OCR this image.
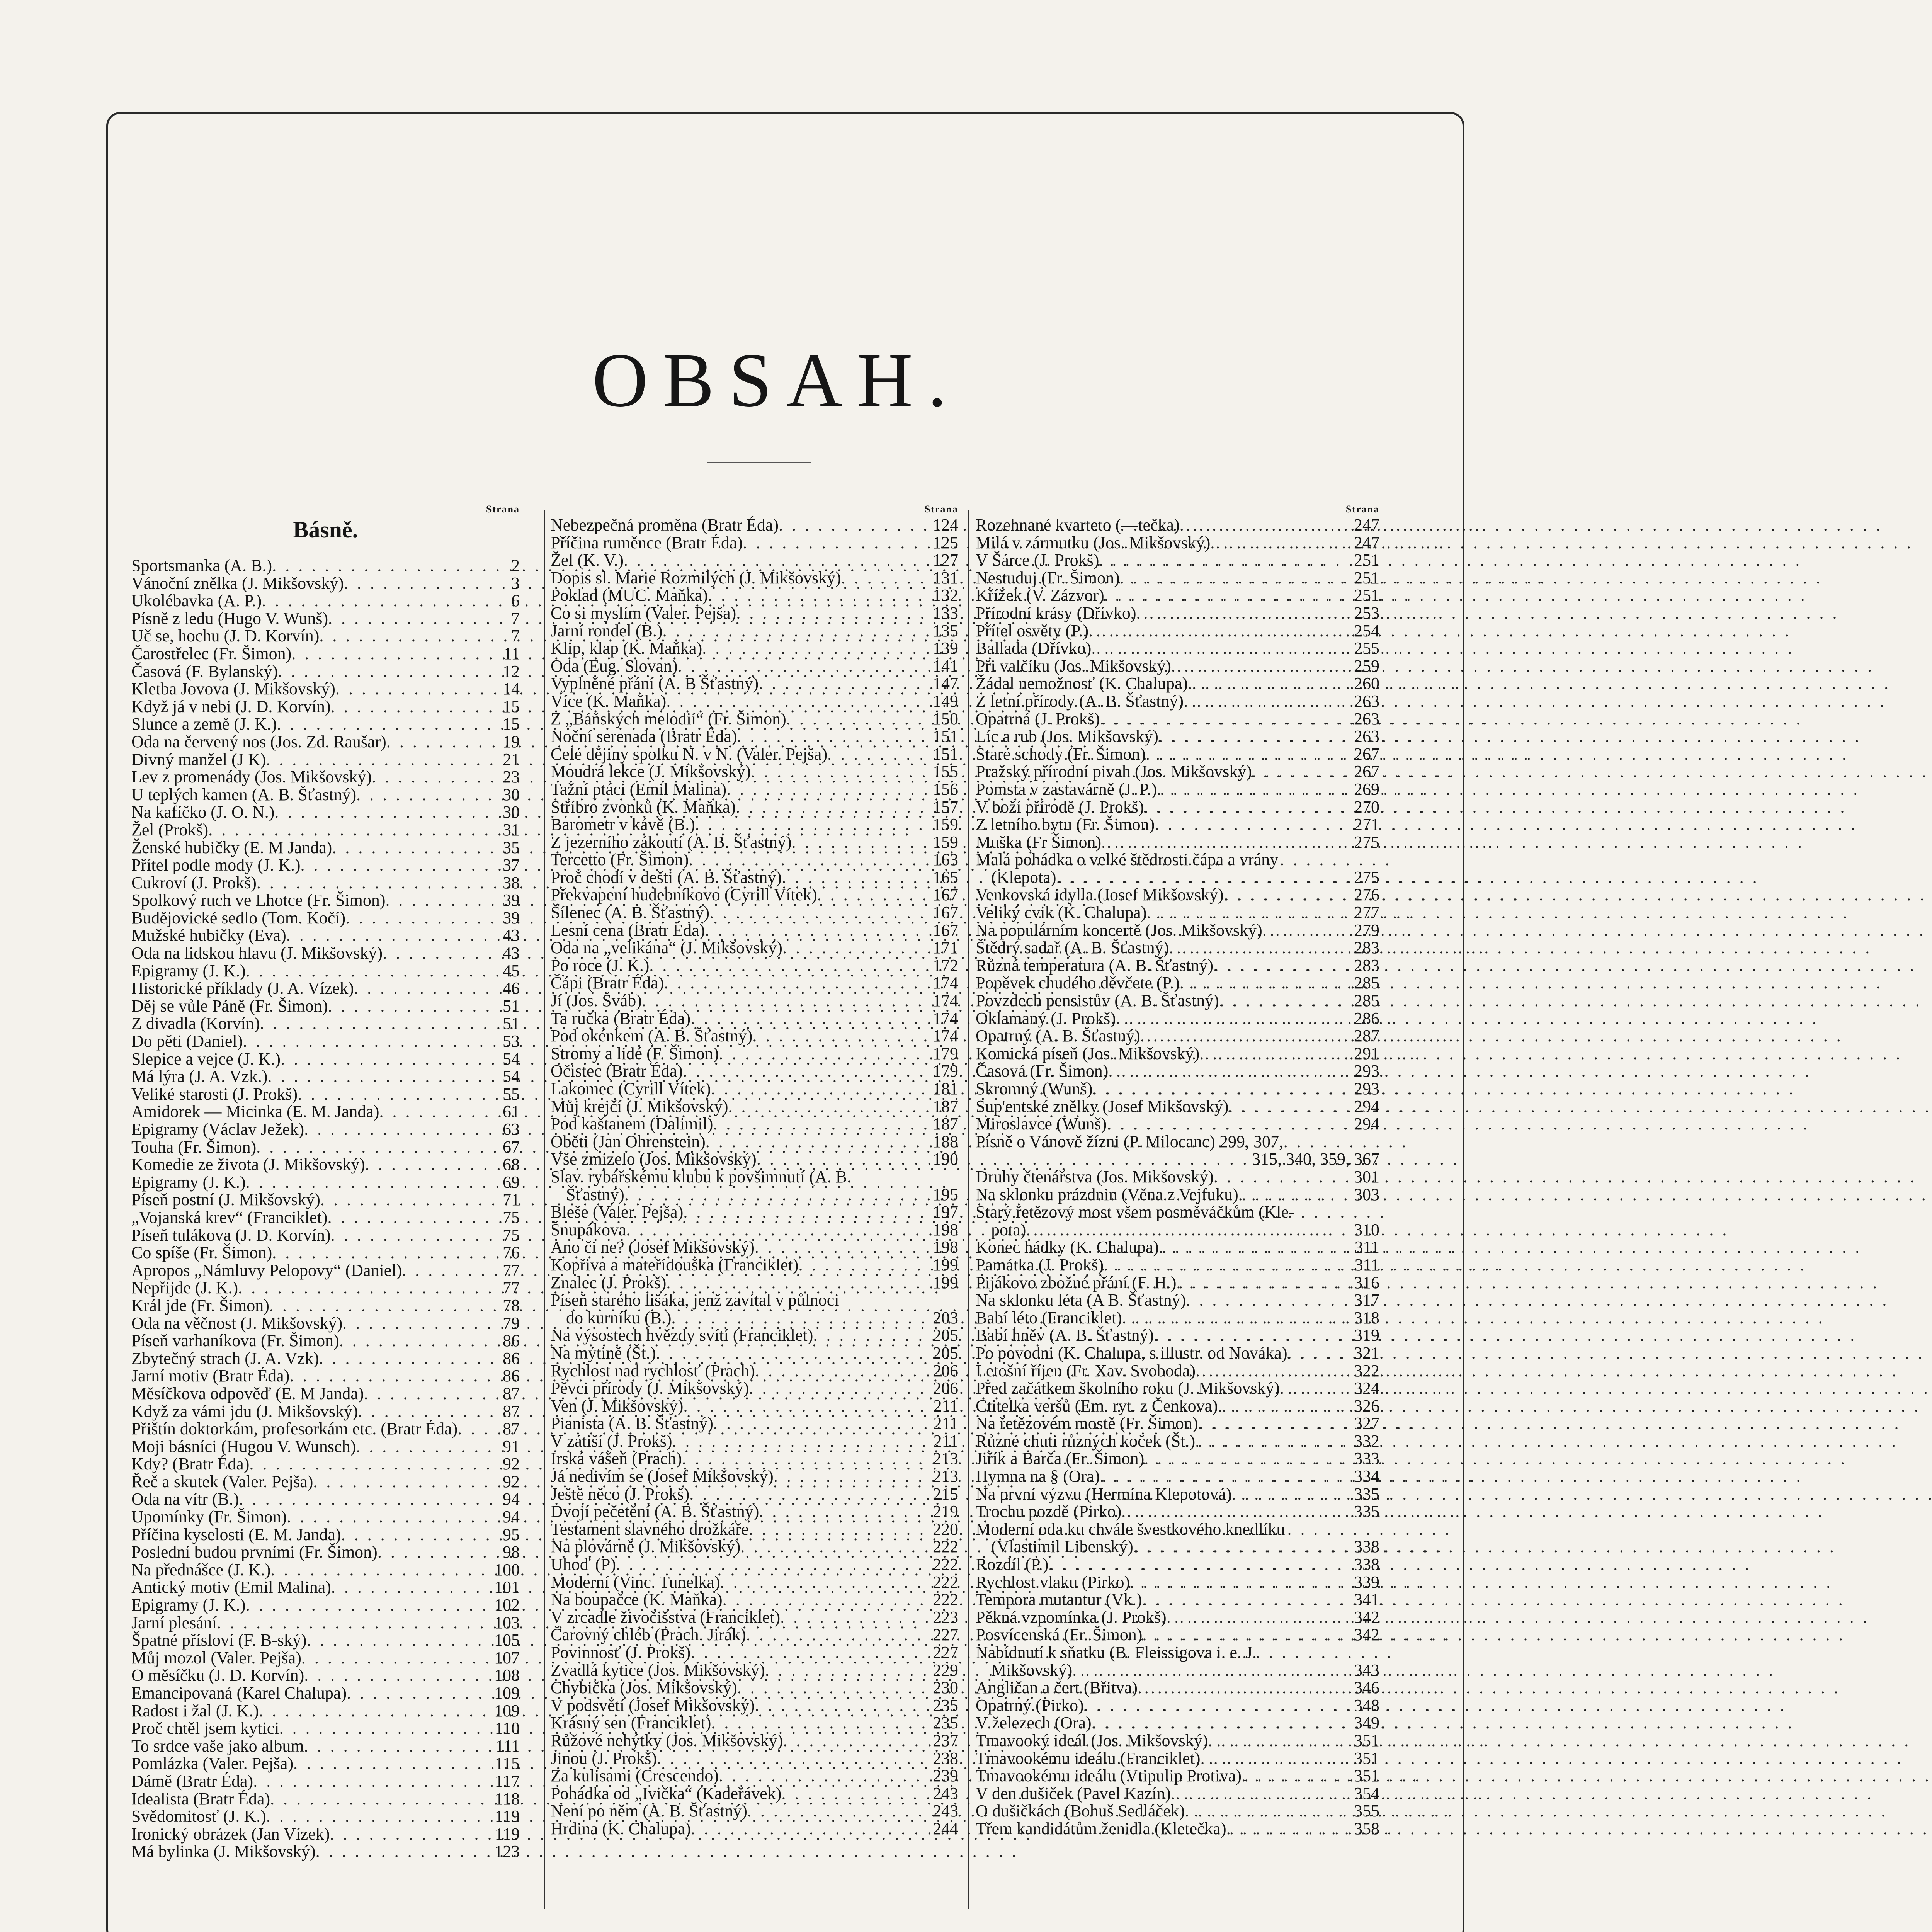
OBSAH.
Strana
Básně.
Sportsmanka (A. B.) . . .	2
Vánoční znělka (J. Mikšovský) . . .	3
Ukolébavka (A. P.) . . .	6
Písně z ledu (Hugo V. Wunš) . . .	7
Uč se, hochu (J. D. Korvín) . . .	7
Čarostřelec (Fr. Šimon) . . .	11
Časová (F. Bylanský) . . .	12
Kletba Jovova (J. Mikšovský) . . .	14
Když já v nebi (J. D. Korvín) . . .	15
Slunce a země (J. K.) . . .	15
Oda na červený nos (Jos. Zd. Raušar) . . .	19
Divný manžel (J K) . . .	21
Lev z promenády (Jos. Mikšovský) . . .	23
U teplých kamen (A. B. Šťastný) . . .	30
Na kafíčko (J. O. N.) . . .	30
Žel (Prokš) . . .	31
Ženské hubičky (E. M Janda) . . .	35
Přítel podle mody (J. K.) . . .	37
Cukroví (J. Prokš) . . .	38
Spolkový ruch ve Lhotce (Fr. Šimon) . . .	39
Budějovické sedlo (Tom. Kočí) . . .	39
Mužské hubičky (Eva) . . .	43
Oda na lidskou hlavu (J. Mikšovský) . . .	43
Epigramy (J. K.) . . .	45
Historické příklady (J. A. Vízek) . . .	46
Děj se vůle Páně (Fr. Šimon) . . .	51
Z divadla (Korvín) . . .	51
Do pěti (Daniel) . . .	53
Slepice a vejce (J. K.) . . .	54
Má lýra (J. A. Vzk.) . . .	54
Veliké starosti (J. Prokš) . . .	55
Amidorek — Micinka (E. M. Janda) . . .	61
Epigramy (Václav Ježek) . . .	63
Touha (Fr. Šimon) . . .	67
Komedie ze života (J. Mikšovský) . . .	68
Epigramy (J. K.) . . .	69
Píseň postní (J. Mikšovský) . . .	71
„Vojanská krev“ (Franciklet) . . .	75
Píseň tulákova (J. D. Korvín) . . .	75
Co spíše (Fr. Šimon) . . .	76
Apropos „Námluvy Pelopovy“ (Daniel) . . .	77
Nepřijde (J. K.) . . .	77
Král jde (Fr. Šimon) . . .	78
Oda na věčnost (J. Mikšovský) . . .	79
Píseň varhaníkova (Fr. Šimon) . . .	86
Zbytečný strach (J. A. Vzk) . . .	86
Jarní motiv (Bratr Éda) . . .	86
Měsíčkova odpověď (E. M Janda) . . .	87
Když za vámi jdu (J. Mikšovský) . . .	87
Přištín doktorkám, profesorkám etc. (Bratr Éda) . . .	87
Moji básníci (Hugou V. Wunsch) . . .	91
Kdy? (Bratr Éda) . . .	92
Řeč a skutek (Valer. Pejša) . . .	92
Oda na vítr (B.) . . .	94
Upomínky (Fr. Šimon) . . .	94
Příčina kyselosti (E. M. Janda) . . .	95
Poslední budou prvními (Fr. Šimon) . . .	98
Na přednášce (J. K.) . . .	100
Antický motiv (Emil Malina) . . .	101
Epigramy (J. K.) . . .	102
Jarní plesání . . .	103
Špatné přísloví (F. B-ský) . . .	105
Můj mozol (Valer. Pejša) . . .	107
O měsíčku (J. D. Korvín) . . .	108
Emancipovaná (Karel Chalupa) . . .	109
Radost i žal (J. K.) . . .	109
Proč chtěl jsem kytici . . .	110
To srdce vaše jako album . . .	111
Pomlázka (Valer. Pejša) . . .	115
Dámě (Bratr Éda) . . .	117
Idealista (Bratr Éda) . . .	118
Svědomitosť (J. K.) . . .	119
Ironický obrázek (Jan Vízek) . . .	119
Má bylinka (J. Mikšovský) . . .	123
Strana
Nebezpečná proměna (Bratr Éda) . . .	124
Příčina ruměnce (Bratr Éda) . . .	125
Žel (K. V.) . . .	127
Dopis sl. Marie Rozmilých (J. Mikšovský) . . .	131
Poklad (MUC. Maňka) . . .	132
Co si myslím (Valer. Pejša) . . .	133
Jarní rondel (B.) . . .	135
Klip, klap (K. Maňka) . . .	139
Oda (Eug. Slovan) . . .	141
Vyplněné přání (A. B Šťastný) . . .	147
Více (K. Maňka) . . .	149
Z „Báňských melodií“ (Fr. Šimon) . . .	150
Noční serenada (Bratr Éda) . . .	151
Celé dějiny spolku N. v N. (Valer. Pejša) . . .	151
Moudrá lekce (J. Mikšovský) . . .	155
Tažní ptáci (Emil Malina) . . .	156
Stříbro zvonků (K. Maňka) . . .	157
Barometr v kávě (B.) . . .	159
Z jezerního zákoutí (A. B. Šťastný) . . .	159
Tercetto (Fr. Šimon) . . .	163
Proč chodí v dešti (A. B. Šťastný) . . .	165
Překvapení hudebníkovo (Cyrill Vítek) . . .	167
Šílenec (A. B. Šťastný) . . .	167
Lesní cena (Bratr Éda) . . .	167
Oda na „velikána“ (J. Mikšovský) . . .	171
Po roce (J. K.) . . .	172
Čápi (Bratr Éda) . . .	174
Jí (Jos. Šváb) . . .	174
Ta ručka (Bratr Éda) . . .	174
Pod okénkem (A. B. Šťastný) . . .	174
Stromy a lidé (F. Šimon) . . .	179
Očistec (Bratr Éda) . . .	179
Lakomec (Cyrill Vítek) . . .	181
Můj krejčí (J. Mikšovský) . . .	187
Pod kaštanem (Dalimil) . . .	187
Oběti (Jan Ohrenstein) . . .	188
Vše zmizelo (Jos. Mikšovský) . . .	190
Slav. rybářskému klubu k povšimnutí (A. B.
Šťastný) . . .	195
Bleše (Valer. Pejša) . . .	197
Šnupákova . . .	198
Ano či ne? (Josef Mikšovský) . . .	198
Kopřiva a mateřídouška (Franciklet) . . .	199
Znalec (J. Prokš) . . .	199
Píseň starého lišáka, jenž zavítal v půlnoci
do kurníku (B.) . . .	203
Na výsostech hvězdy svítí (Franciklet) . . .	205
Na mýtině (Št.) . . .	205
Rychlost nad rychlosť (Prach) . . .	206
Pěvci přírody (J. Mikšovský) . . .	206
Ven (J. Mikšovský) . . .	211
Pianista (A. B. Šťastný) . . .	211
V zátiší (J. Prokš) . . .	211
Irská vášeň (Prach) . . .	213
Já nedivím se (Josef Mikšovský) . . .	213
Ještě něco (J. Prokš) . . .	215
Dvojí pečetění (A. B. Šťastný) . . .	219
Testament slavného drožkáře . . .	220
Na plovárně (J. Mikšovský) . . .	222
Uhoď (P) . . .	222
Moderní (Vinc. Tunelka) . . .	222
Na boupačce (K. Maňka) . . .	222
V zrcadle živočišstva (Franciklet) . . .	223
Čarovný chléb (Prach. Jirák) . . .	227
Povinnosť (J. Prokš) . . .	227
Zvadlá kytice (Jos. Mikšovský) . . .	229
Chybička (Jos. Mikšovský) . . .	230
V podsvětí (Josef Mikšovský) . . .	235
Krásný sen (Franciklet) . . .	235
Růžové nehýtky (Jos. Mikšovský) . . .	237
Jinou (J. Prokš) . . .	238
Za kulisami (Crescendo) . . .	239
Pohádka od „Ivička“ (Kadeřávek) . . .	243
Není po něm (A. B. Šťastný) . . .	243
Hrdina (K. Chalupa) . . .	244
Strana
Rozehnané kvarteto (—tečka) . . .	247
Milá v zármutku (Jos. Mikšovský) . . .	247
V Šárce (J. Prokš) . . .	251
Nestuduj (Fr. Šimon) . . .	251
Křížek (V. Zázvor) . . .	251
Přírodní krásy (Dřívko) . . .	253
Přítel osvěty (P.) . . .	254
Ballada (Dřívko) . . .	255
Při valčíku (Jos. Mikšovský) . . .	259
Žádal nemožnosť (K. Chalupa) . . .	260
Z letní přírody (A. B. Šťastný) . . .	263
Opatrná (J. Prokš) . . .	263
Líc a rub (Jos. Mikšovský) . . .	263
Staré schody (Fr. Šimon) . . .	267
Pražský přírodní pivah (Jos. Mikšovský) . . .	267
Pomsta v zastavárně (J. P.) . . .	269
V boží přírodě (J. Prokš) . . .	270
Z letního bytu (Fr. Šimon) . . .	271
Muška (Fr Šimon) . . .	275
Malá pohádka o velké štědrosti čápa a vrány
(Klepota) . . .	275
Venkovská idylla (Josef Mikšovský) . . .	276
Veliký cvik (K. Chalupa) . . .	277
Na populárním koncertě (Jos. Mikšovský) . . .	279
Štědrý sadař (A. B. Šťastný) . . .	283
Různá temperatura (A. B. Šťastný) . . .	283
Popěvek chudého děvčete (P.) . . .	285
Povzdech pensistův (A. B. Šťastný) . . .	285
Oklamaný (J. Prokš) . . .	286
Opatrný (A. B. Šťastný) . . .	287
Komická píseň (Jos. Mikšovský) . . .	291
Časová (Fr. Šimon) . . .	293
Skromný (Wunš) . . .	293
Sup'entské znělky (Josef Mikšovský) . . .	294
Miroslavce (Wunš) . . .	294
Písně o Vánově žízni (P. Milocanc) 299, 307,
315, 340, 359, 367
Druhy čtenářstva (Jos. Mikšovský) . . .	301
Na sklonku prázdnin (Věna z Vejfuku) . . .	303
Starý řetězový most všem posměváčkům (Kle-
pota) . . .	310
Konec hádky (K. Chalupa) . . .	311
Památka (J. Prokš) . . .	311
Pijákovo zbožné přání (F. H.) . . .	316
Na sklonku léta (A B. Šťastný) . . .	317
Babí léto (Franciklet) . . .	318
Babí hněv (A. B. Šťastný) . . .	319
Po povodni (K. Chalupa, s illustr. od Nováka) . . .	321
Letošní říjen (Fr. Xav. Svoboda) . . .	322
Před začátkem školního roku (J. Mikšovský) . . .	324
Ctitelka veršů (Em. ryt. z Čenkova) . . .	326
Na řetězovém mostě (Fr. Šimon) . . .	327
Různé chuti různých koček (Št.) . . .	332
Jiřík a Barča (Fr. Šimon) . . .	333
Hymna na § (Ora) . . .	334
Na první výzvu (Hermína Klepotová) . . .	335
Trochu pozdě (Pirko) . . .	335
Moderní oda ku chvále švestkového knedlíku
(Vlastimil Libenský) . . .	338
Rozdíl (P.) . . .	338
Rychlost vlaku (Pirko) . . .	339
Tempora mutantur (Vk.) . . .	341
Pěkná vzpomínka (J. Prokš) . . .	342
Posvícenská (Fr. Šimon) . . .	342
Nabídnutí k sňatku (B. Fleissigova i. e. J.
Mikšovský) . . .	343
Angličan a čert (Břitva) . . .	346
Opatrný (Pirko) . . .	348
V železech (Ora) . . .	349
Tmavooký ideál (Jos. Mikšovský) . . .	351
Tmavookému ideálu (Franciklet) . . .	351
Tmavookému ideálu (Vtipulip Protiva) . . .	351
V den dušiček (Pavel Kazín) . . .	354
O dušičkách (Bohuš Sedláček) . . .	355
Třem kandidátům ženidla (Kletečka) . . .	358
